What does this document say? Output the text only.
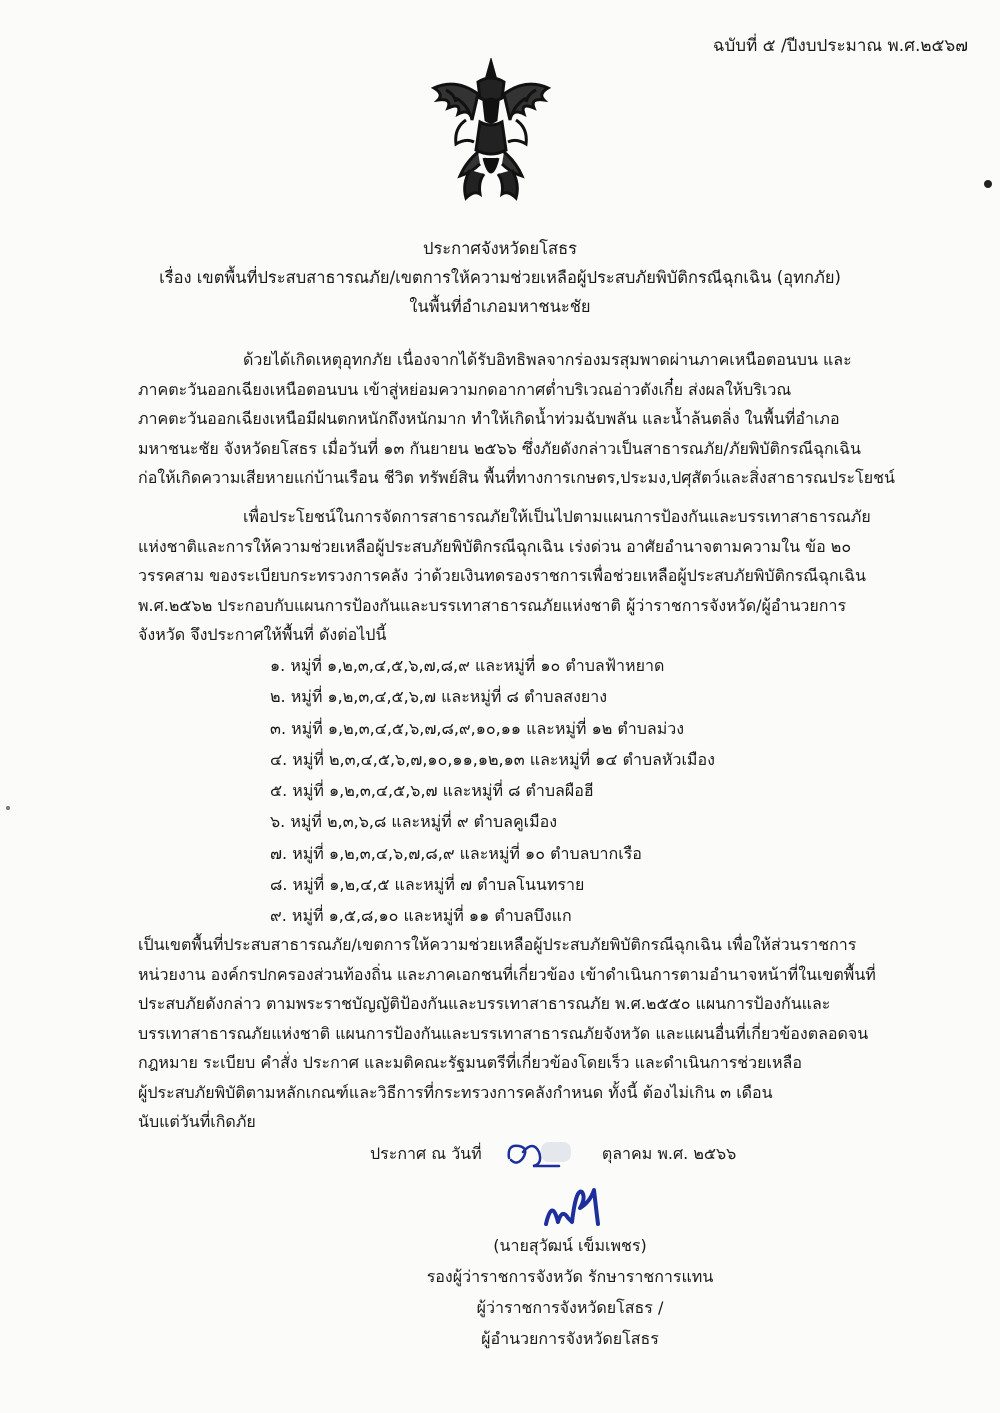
ฉบับที่ ๕ /ปีงบประมาณ พ.ศ.๒๕๖๗
ประกาศจังหวัดยโสธร
เรื่อง เขตพื้นที่ประสบสาธารณภัย/เขตการให้ความช่วยเหลือผู้ประสบภัยพิบัติกรณีฉุกเฉิน (อุทกภัย)
ในพื้นที่อำเภอมหาชนะชัย
ด้วยได้เกิดเหตุอุทกภัย เนื่องจากได้รับอิทธิพลจากร่องมรสุมพาดผ่านภาคเหนือตอนบน และ
ภาคตะวันออกเฉียงเหนือตอนบน เข้าสู่หย่อมความกดอากาศต่ำบริเวณอ่าวตังเกี๋ย ส่งผลให้บริเวณ
ภาคตะวันออกเฉียงเหนือมีฝนตกหนักถึงหนักมาก ทำให้เกิดน้ำท่วมฉับพลัน และน้ำล้นตลิ่ง ในพื้นที่อำเภอ
มหาชนะชัย จังหวัดยโสธร เมื่อวันที่ ๑๓ กันยายน ๒๕๖๖ ซึ่งภัยดังกล่าวเป็นสาธารณภัย/ภัยพิบัติกรณีฉุกเฉิน
ก่อให้เกิดความเสียหายแก่บ้านเรือน ชีวิต ทรัพย์สิน พื้นที่ทางการเกษตร,ประมง,ปศุสัตว์และสิ่งสาธารณประโยชน์
เพื่อประโยชน์ในการจัดการสาธารณภัยให้เป็นไปตามแผนการป้องกันและบรรเทาสาธารณภัย
แห่งชาติและการให้ความช่วยเหลือผู้ประสบภัยพิบัติกรณีฉุกเฉิน เร่งด่วน อาศัยอำนาจตามความใน ข้อ ๒๐
วรรคสาม ของระเบียบกระทรวงการคลัง ว่าด้วยเงินทดรองราชการเพื่อช่วยเหลือผู้ประสบภัยพิบัติกรณีฉุกเฉิน
พ.ศ.๒๕๖๒ ประกอบกับแผนการป้องกันและบรรเทาสาธารณภัยแห่งชาติ ผู้ว่าราชการจังหวัด/ผู้อำนวยการ
จังหวัด จึงประกาศให้พื้นที่ ดังต่อไปนี้
๑. หมู่ที่ ๑,๒,๓,๔,๕,๖,๗,๘,๙ และหมู่ที่ ๑๐ ตำบลฟ้าหยาด
๒. หมู่ที่ ๑,๒,๓,๔,๕,๖,๗ และหมู่ที่ ๘ ตำบลสงยาง
๓. หมู่ที่ ๑,๒,๓,๔,๕,๖,๗,๘,๙,๑๐,๑๑ และหมู่ที่ ๑๒ ตำบลม่วง
๔. หมู่ที่ ๒,๓,๔,๕,๖,๗,๑๐,๑๑,๑๒,๑๓ และหมู่ที่ ๑๔ ตำบลหัวเมือง
๕. หมู่ที่ ๑,๒,๓,๔,๕,๖,๗ และหมู่ที่ ๘ ตำบลผือฮี
๖. หมู่ที่ ๒,๓,๖,๘ และหมู่ที่ ๙ ตำบลคูเมือง
๗. หมู่ที่ ๑,๒,๓,๔,๖,๗,๘,๙ และหมู่ที่ ๑๐ ตำบลบากเรือ
๘. หมู่ที่ ๑,๒,๔,๕ และหมู่ที่ ๗ ตำบลโนนทราย
๙. หมู่ที่ ๑,๕,๘,๑๐ และหมู่ที่ ๑๑ ตำบลบึงแก
เป็นเขตพื้นที่ประสบสาธารณภัย/เขตการให้ความช่วยเหลือผู้ประสบภัยพิบัติกรณีฉุกเฉิน เพื่อให้ส่วนราชการ
หน่วยงาน องค์กรปกครองส่วนท้องถิ่น และภาคเอกชนที่เกี่ยวข้อง เข้าดำเนินการตามอำนาจหน้าที่ในเขตพื้นที่
ประสบภัยดังกล่าว ตามพระราชบัญญัติป้องกันและบรรเทาสาธารณภัย พ.ศ.๒๕๕๐ แผนการป้องกันและ
บรรเทาสาธารณภัยแห่งชาติ แผนการป้องกันและบรรเทาสาธารณภัยจังหวัด และแผนอื่นที่เกี่ยวข้องตลอดจน
กฎหมาย ระเบียบ คำสั่ง ประกาศ และมติคณะรัฐมนตรีที่เกี่ยวข้องโดยเร็ว และดำเนินการช่วยเหลือ
ผู้ประสบภัยพิบัติตามหลักเกณฑ์และวิธีการที่กระทรวงการคลังกำหนด ทั้งนี้ ต้องไม่เกิน ๓ เดือน
นับแต่วันที่เกิดภัย
ประกาศ ณ วันที่	ตุลาคม พ.ศ. ๒๕๖๖
(นายสุวัฒน์ เข็มเพชร)
รองผู้ว่าราชการจังหวัด รักษาราชการแทน
ผู้ว่าราชการจังหวัดยโสธร /
ผู้อำนวยการจังหวัดยโสธร
